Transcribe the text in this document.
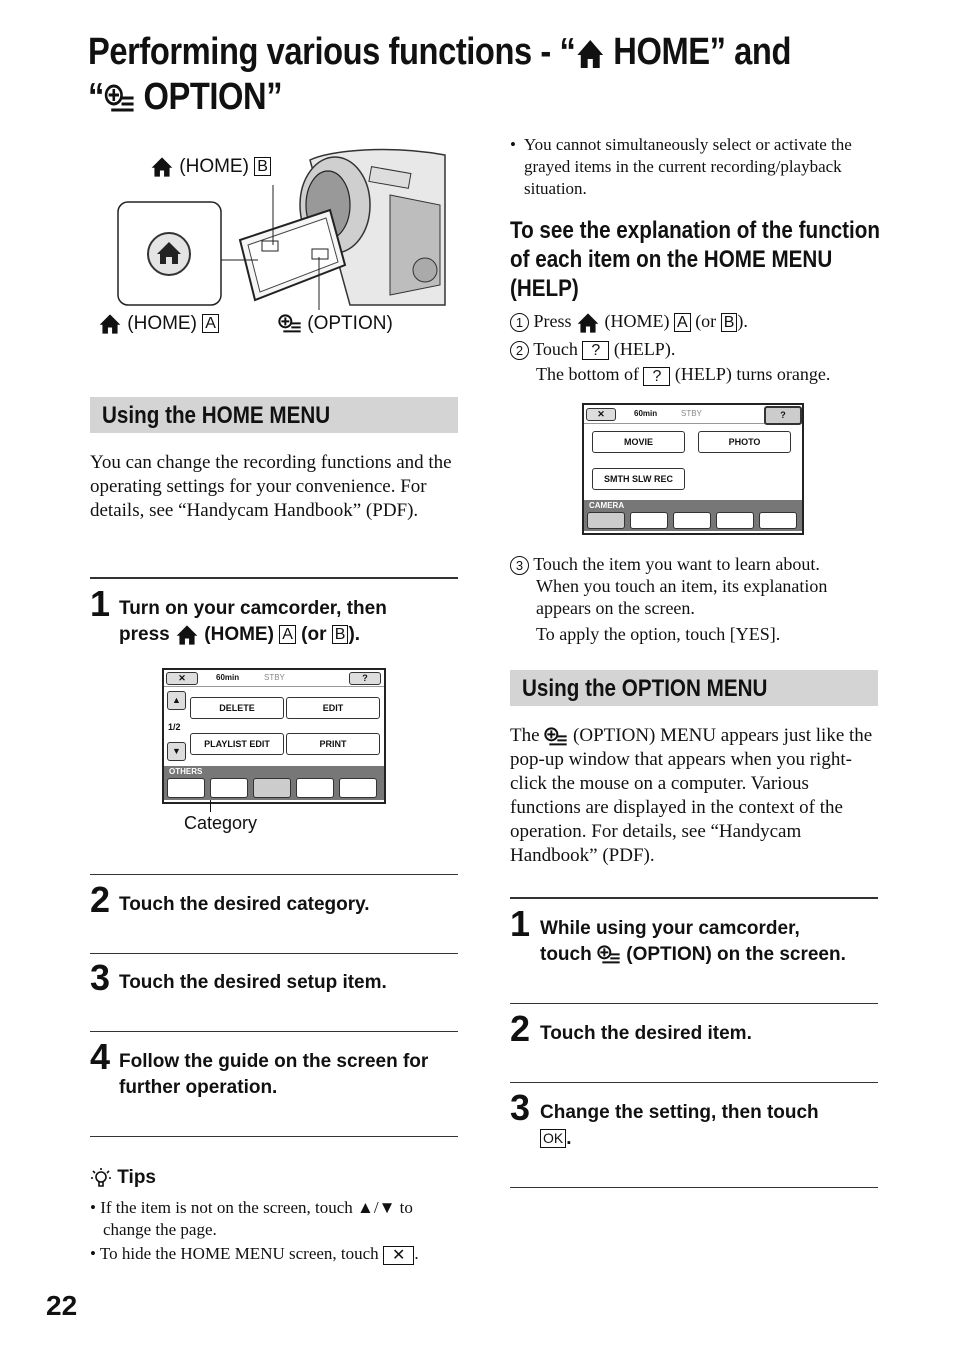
Performing various functions - “ HOME” and
“ OPTION”
(HOME) B
(HOME) A	(OPTION)
Using the HOME MENU
You can change the recording functions and the operating settings for your convenience. For details, see “Handycam Handbook” (PDF).
1 Turn on your camcorder, then
press (HOME) A (or B ).
✕	60min	STBY	?
▲
1/2
▼
DELETE	EDIT
PLAYLIST EDIT	PRINT
OTHERS
Category
2 Touch the desired category.
3 Touch the desired setup item.
4 Follow the guide on the screen for
further operation.
Tips
• If the item is not on the screen, touch ▲/▼ to
change the page.
• To hide the HOME MENU screen, touch ✕ .
22
• You cannot simultaneously select or activate the grayed items in the current recording/playback situation.
To see the explanation of the function
of each item on the HOME MENU
(HELP)
1 Press (HOME) A (or B ).
2 Touch ? (HELP).
The bottom of ? (HELP) turns orange.
✕	60min	STBY	?
MOVIE	PHOTO
SMTH SLW REC
CAMERA
3 Touch the item you want to learn about.
When you touch an item, its explanation
appears on the screen.
To apply the option, touch [YES].
Using the OPTION MENU
The (OPTION) MENU appears just like the pop-up window that appears when you right-click the mouse on a computer. Various functions are displayed in the context of the operation. For details, see “Handycam Handbook” (PDF).
1 While using your camcorder,
touch (OPTION) on the screen.
2 Touch the desired item.
3 Change the setting, then touch
OK .
